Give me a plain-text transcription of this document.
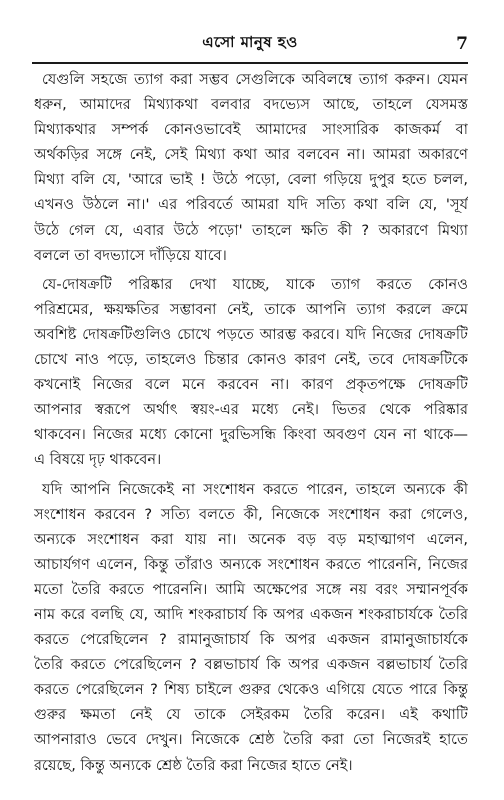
এসো মানুষ হও	7
যেগুলি সহজে ত্যাগ করা সম্ভব সেগুলিকে অবিলম্বে ত্যাগ করুন। যেমন
ধরুন, আমাদের মিথ্যাকথা বলবার বদভ্যেস আছে, তাহলে যেসমস্ত
মিথ্যাকথার সম্পর্ক কোনওভাবেই আমাদের সাংসারিক কাজকর্ম বা
অর্থকড়ির সঙ্গে নেই, সেই মিথ্যা কথা আর বলবেন না। আমরা অকারণে
মিথ্যা বলি যে, 'আরে ভাই ! উঠে পড়ো, বেলা গড়িয়ে দুপুর হতে চলল,
এখনও উঠলে না।' এর পরিবর্তে আমরা যদি সত্যি কথা বলি যে, 'সূর্য
উঠে গেল যে, এবার উঠে পড়ো' তাহলে ক্ষতি কী ? অকারণে মিথ্যা
বললে তা বদভ্যাসে দাঁড়িয়ে যাবে।
যে-দোষক্রটি পরিষ্কার দেখা যাচ্ছে, যাকে ত্যাগ করতে কোনও
পরিশ্রমের, ক্ষয়ক্ষতির সম্ভাবনা নেই, তাকে আপনি ত্যাগ করলে ক্রমে
অবশিষ্ট দোষক্রটিগুলিও চোখে পড়তে আরম্ভ করবে। যদি নিজের দোষক্রটি
চোখে নাও পড়ে, তাহলেও চিন্তার কোনও কারণ নেই, তবে দোষক্রটিকে
কখনোই নিজের বলে মনে করবেন না। কারণ প্রকৃতপক্ষে দোষক্রটি
আপনার স্বরূপে অর্থাৎ স্বয়ং-এর মধ্যে নেই। ভিতর থেকে পরিষ্কার
থাকবেন। নিজের মধ্যে কোনো দুরভিসন্ধি কিংবা অবগুণ যেন না থাকে—
এ বিষয়ে দৃঢ় থাকবেন।
যদি আপনি নিজেকেই না সংশোধন করতে পারেন, তাহলে অন্যকে কী
সংশোধন করবেন ? সত্যি বলতে কী, নিজেকে সংশোধন করা গেলেও,
অন্যকে সংশোধন করা যায় না। অনেক বড় বড় মহাত্মাগণ এলেন,
আচার্যগণ এলেন, কিন্তু তাঁরাও অন্যকে সংশোধন করতে পারেননি, নিজের
মতো তৈরি করতে পারেননি। আমি অক্ষেপের সঙ্গে নয় বরং সম্মানপূর্বক
নাম করে বলছি যে, আদি শংকরাচার্য কি অপর একজন শংকরাচার্যকে তৈরি
করতে পেরেছিলেন ? রামানুজাচার্য কি অপর একজন রামানুজাচার্যকে
তৈরি করতে পেরেছিলেন ? বল্লভাচার্য কি অপর একজন বল্লভাচার্য তৈরি
করতে পেরেছিলেন ? শিষ্য চাইলে গুরুর থেকেও এগিয়ে যেতে পারে কিন্তু
গুরুর ক্ষমতা নেই যে তাকে সেইরকম তৈরি করেন। এই কথাটি
আপনারাও ভেবে দেখুন। নিজেকে শ্রেষ্ঠ তৈরি করা তো নিজেরই হাতে
রয়েছে, কিন্তু অন্যকে শ্রেষ্ঠ তৈরি করা নিজের হাতে নেই।
